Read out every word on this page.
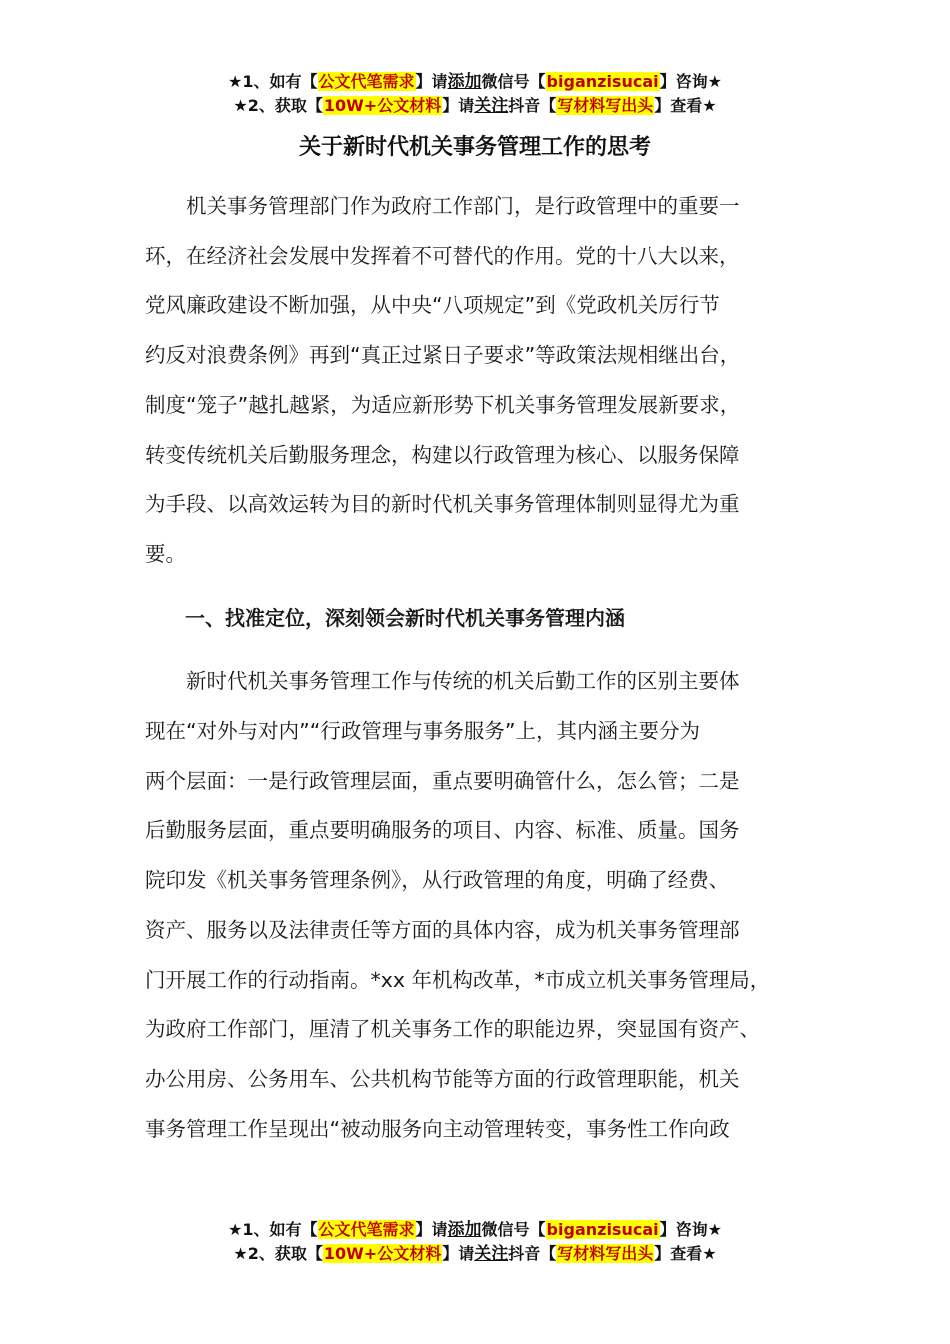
★1、如有【公文代笔需求】请添加微信号【biganzisucai】咨询★
★2、获取【10W+公文材料】请关注抖音【写材料写出头】查看★
关于新时代机关事务管理工作的思考

　　机关事务管理部门作为政府工作部门，是行政管理中的重要一

环，在经济社会发展中发挥着不可替代的作用。党的十八大以来，

党风廉政建设不断加强，从中央“八项规定”到《党政机关厉行节

约反对浪费条例》再到“真正过紧日子要求”等政策法规相继出台，

制度“笼子”越扎越紧，为适应新形势下机关事务管理发展新要求，

转变传统机关后勤服务理念，构建以行政管理为核心、以服务保障

为手段、以高效运转为目的新时代机关事务管理体制则显得尤为重

要。

　　一、找准定位，深刻领会新时代机关事务管理内涵

　　新时代机关事务管理工作与传统的机关后勤工作的区别主要体

现在“对外与对内”“行政管理与事务服务”上，其内涵主要分为

两个层面：一是行政管理层面，重点要明确管什么，怎么管；二是

后勤服务层面，重点要明确服务的项目、内容、标准、质量。国务

院印发《机关事务管理条例》，从行政管理的角度，明确了经费、

资产、服务以及法律责任等方面的具体内容，成为机关事务管理部

门开展工作的行动指南。*xx 年机构改革，*市成立机关事务管理局，

为政府工作部门，厘清了机关事务工作的职能边界，突显国有资产、

办公用房、公务用车、公共机构节能等方面的行政管理职能，机关

事务管理工作呈现出“被动服务向主动管理转变，事务性工作向政

★1、如有【公文代笔需求】请添加微信号【biganzisucai】咨询★
★2、获取【10W+公文材料】请关注抖音【写材料写出头】查看★
